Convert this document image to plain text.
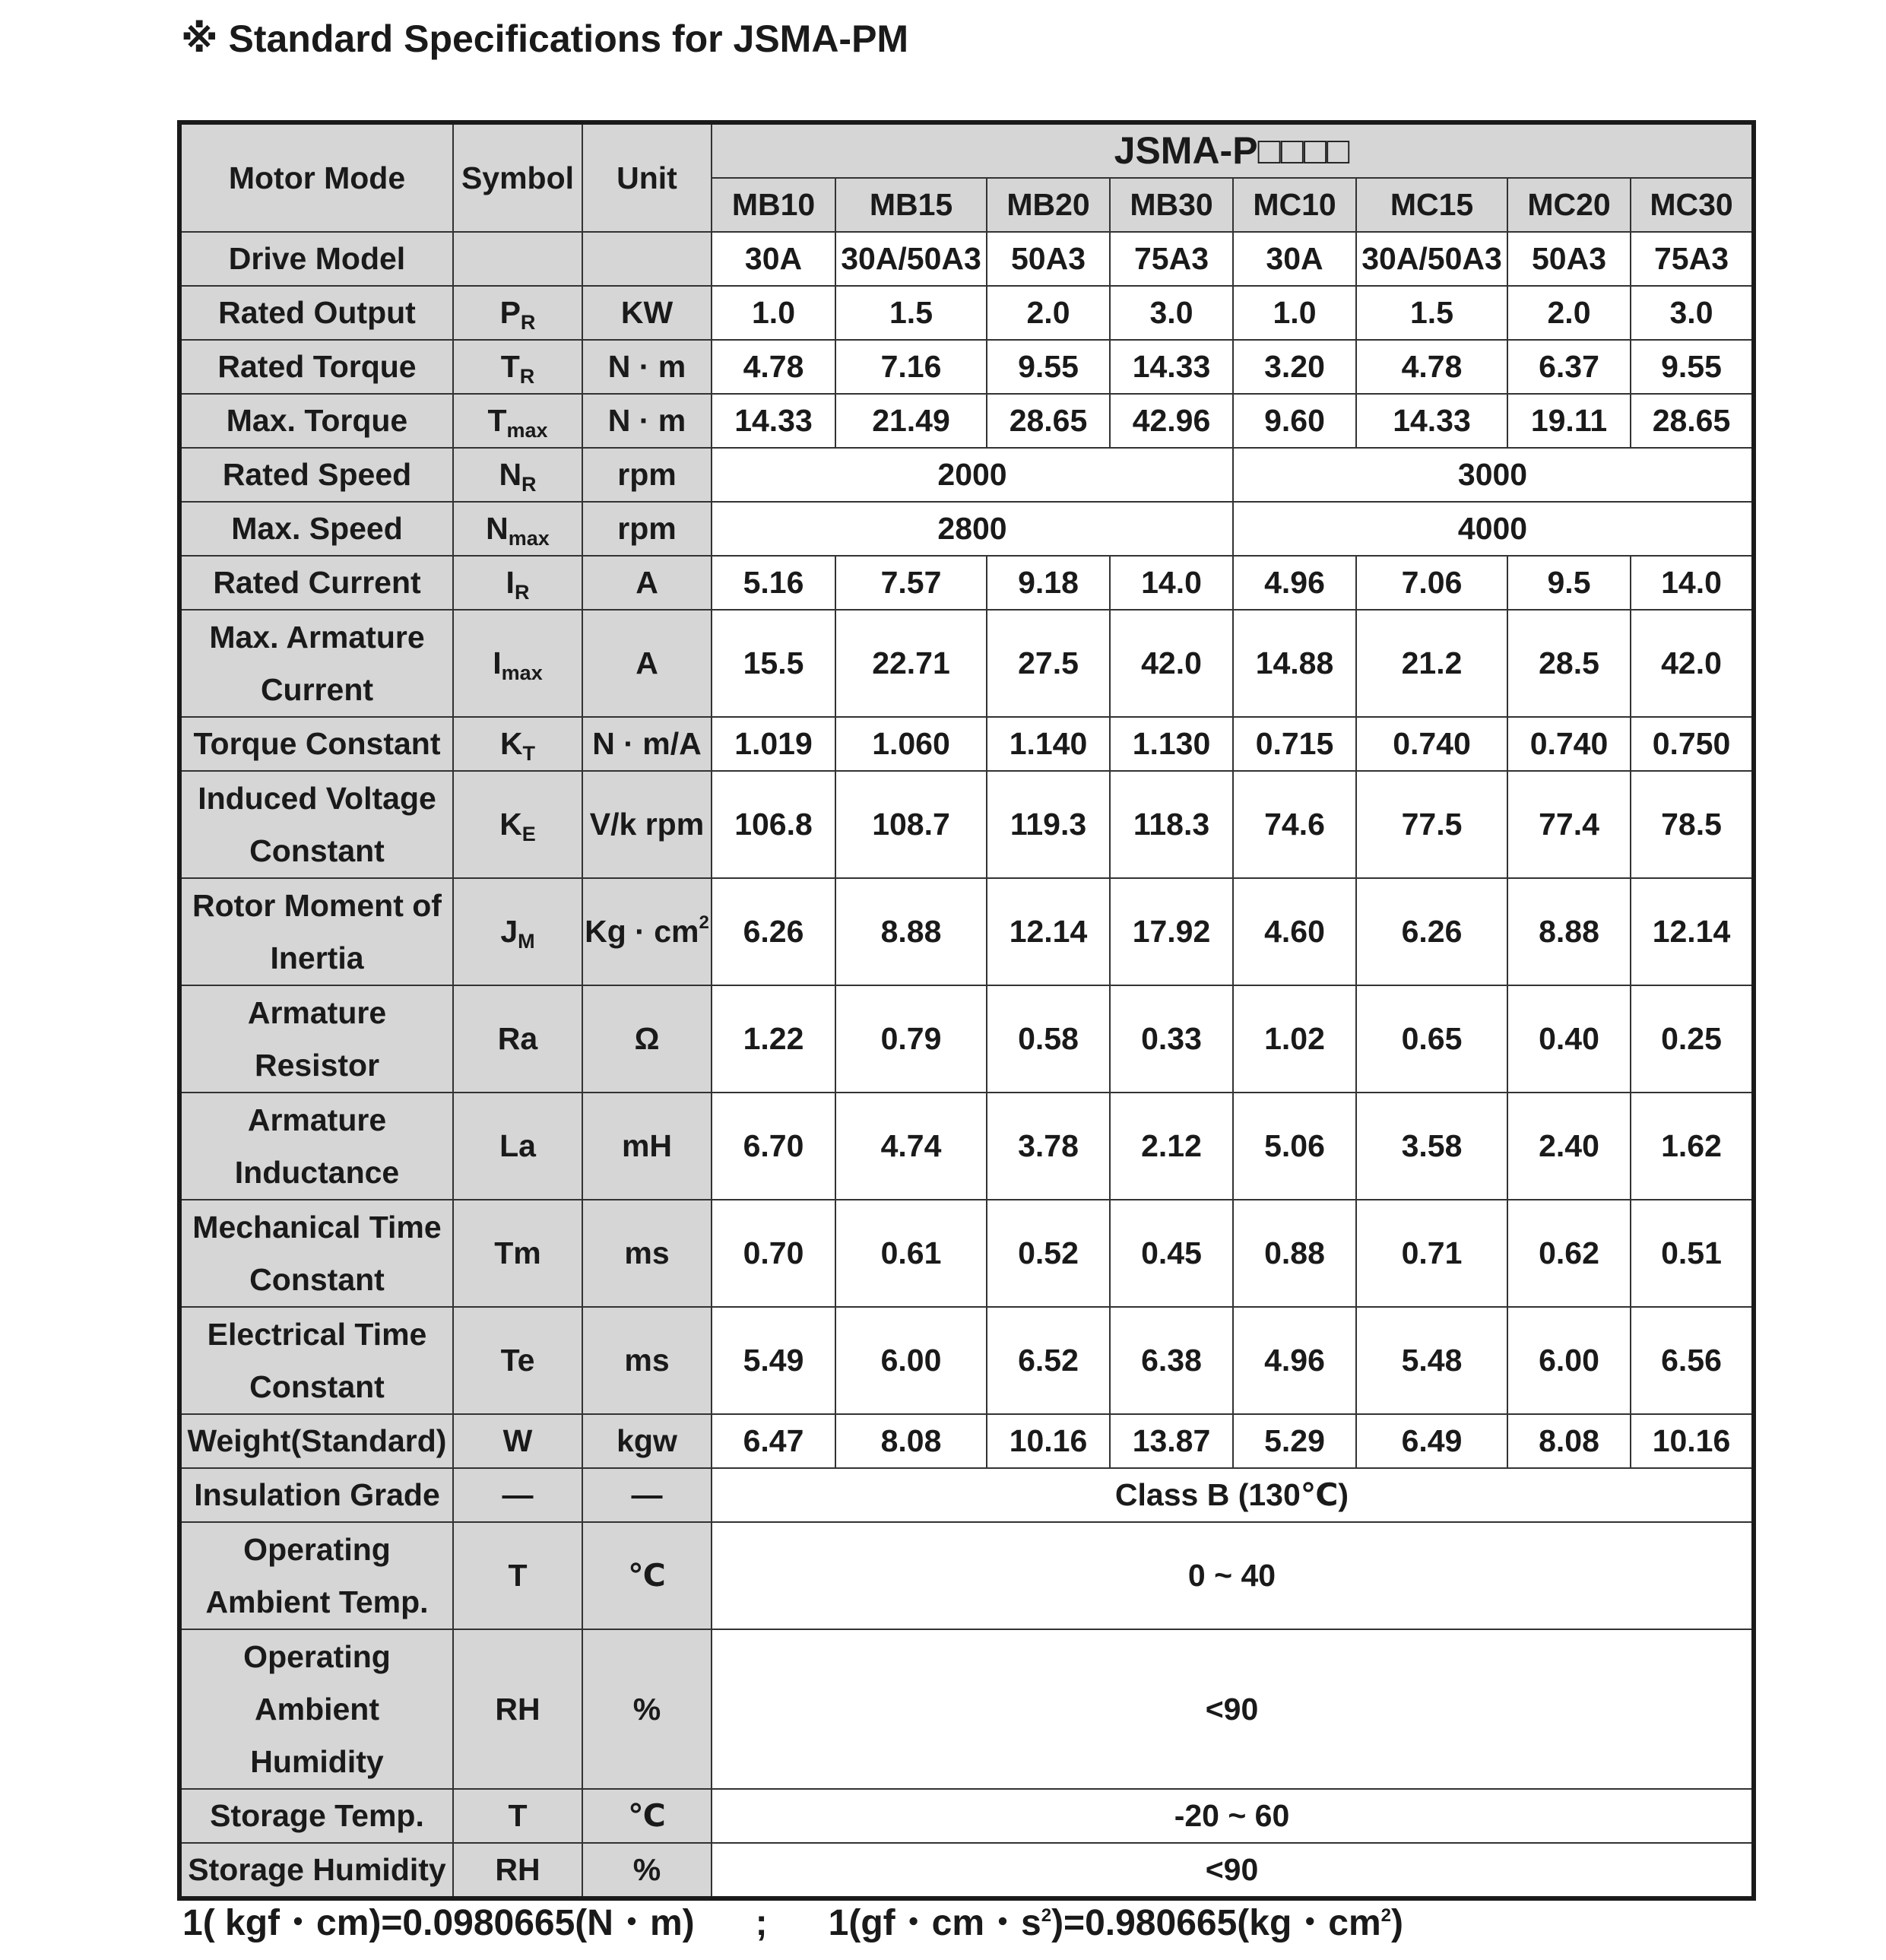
※ Standard Specifications for JSMA-PM
Motor Mode	Symbol	Unit	JSMA-P□□□□							
			MB10	MB15	MB20	MB30	MC10	MC15	MC20	MC30
Drive Model			30A	30A/50A3	50A3	75A3	30A	30A/50A3	50A3	75A3
Rated Output	$P_R$	KW	1.0	1.5	2.0	3.0	1.0	1.5	2.0	3.0
Rated Torque	$T_R$	N · m	4.78	7.16	9.55	14.33	3.20	4.78	6.37	9.55
Max. Torque	$T_{max}$	N · m	14.33	21.49	28.65	42.96	9.60	14.33	19.11	28.65
Rated Speed	$N_R$	rpm	2000				3000			
Max. Speed	$N_{max}$	rpm	2800				4000			
Rated Current	$I_R$	A	5.16	7.57	9.18	14.0	4.96	7.06	9.5	14.0
Max. Armature Current	$I_{max}$	A	15.5	22.71	27.5	42.0	14.88	21.2	28.5	42.0
Torque Constant	$K_T$	N · m/A	1.019	1.060	1.140	1.130	0.715	0.740	0.740	0.750
Induced Voltage Constant	$K_E$	V/k rpm	106.8	108.7	119.3	118.3	74.6	77.5	77.4	78.5
Rotor Moment of Inertia	$J_M$	$Kg \cdot cm^2$	6.26	8.88	12.14	17.92	4.60	6.26	8.88	12.14
Armature Resistor	Ra	Ω	1.22	0.79	0.58	0.33	1.02	0.65	0.40	0.25
Armature Inductance	La	mH	6.70	4.74	3.78	2.12	5.06	3.58	2.40	1.62
Mechanical Time Constant	Tm	ms	0.70	0.61	0.52	0.45	0.88	0.71	0.62	0.51
Electrical Time Constant	Te	ms	5.49	6.00	6.52	6.38	4.96	5.48	6.00	6.56
Weight(Standard)	W	kgw	6.47	8.08	10.16	13.87	5.29	6.49	8.08	10.16
Insulation Grade	—	—	Class B (130℃)							
Operating Ambient Temp.	T	℃	0 ~ 40							
Operating Ambient Humidity	RH	%	<90							
Storage Temp.	T	℃	-20 ~ 60							
Storage Humidity	RH	%	<90							
1( kgf・cm)=0.0980665(N・m) ; 1(gf・cm・$s^2)=0.980665(kg$・$cm^2$)
